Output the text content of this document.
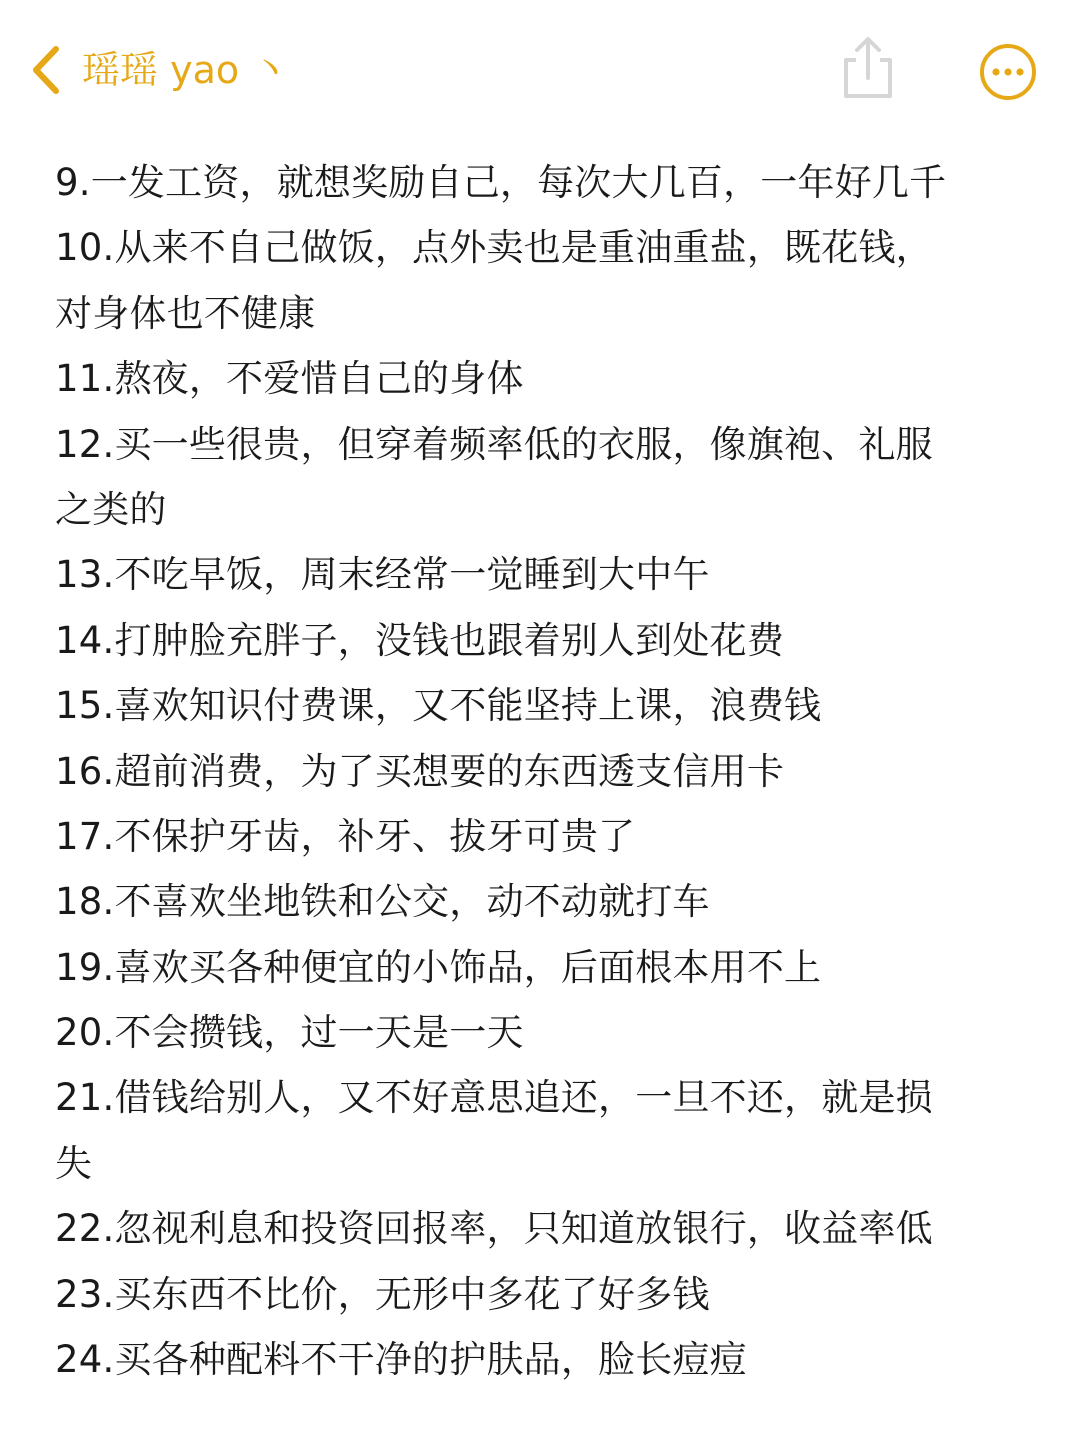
瑶瑶 yao 丶
9.一发工资，就想奖励自己，每次大几百，一年好几千
10.从来不自己做饭，点外卖也是重油重盐，既花钱，
对身体也不健康
11.熬夜，不爱惜自己的身体
12.买一些很贵，但穿着频率低的衣服，像旗袍、礼服
之类的
13.不吃早饭，周末经常一觉睡到大中午
14.打肿脸充胖子，没钱也跟着别人到处花费
15.喜欢知识付费课，又不能坚持上课，浪费钱
16.超前消费，为了买想要的东西透支信用卡
17.不保护牙齿，补牙、拔牙可贵了
18.不喜欢坐地铁和公交，动不动就打车
19.喜欢买各种便宜的小饰品，后面根本用不上
20.不会攒钱，过一天是一天
21.借钱给别人，又不好意思追还，一旦不还，就是损
失
22.忽视利息和投资回报率，只知道放银行，收益率低
23.买东西不比价，无形中多花了好多钱
24.买各种配料不干净的护肤品，脸长痘痘
